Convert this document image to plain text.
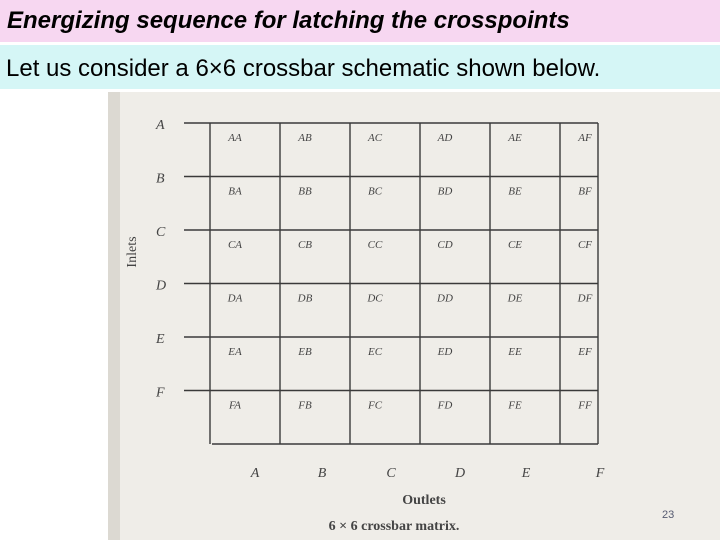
Energizing sequence for latching the crosspoints
Let us consider a 6×6 crossbar schematic shown below.
A
B
C
D
E
F
AA	AB	AC	AD	AE	AF
BA	BB	BC	BD	BE	BF
CA	CB	CC	CD	CE	CF
DA	DB	DC	DD	DE	DF
EA	EB	EC	ED	EE	EF
FA	FB	FC	FD	FE	FF
A	B	C	D	E	F
Inlets
Outlets
6 × 6 crossbar matrix.
23
